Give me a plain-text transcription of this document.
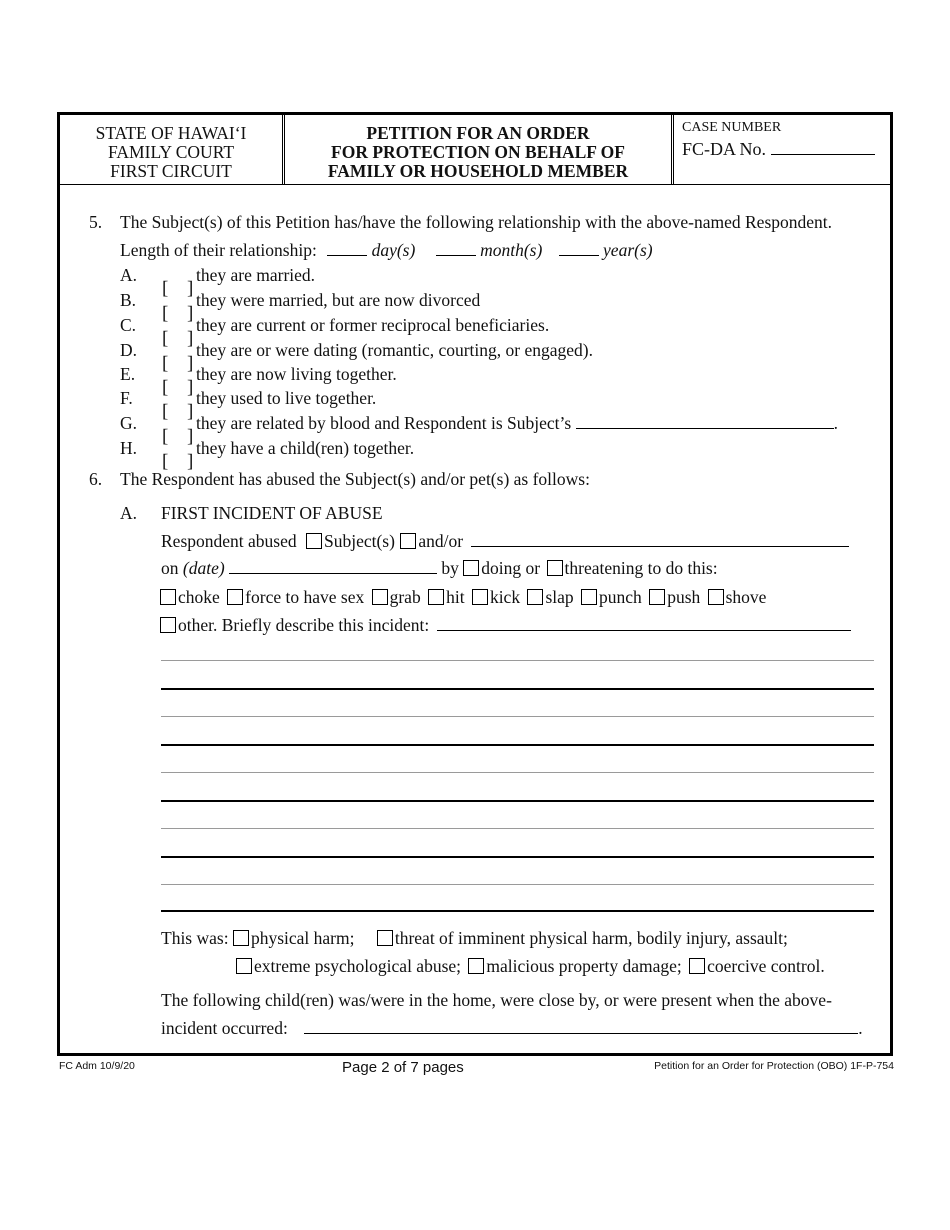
STATE OF HAWAI‘I
FAMILY COURT
FIRST CIRCUIT
PETITION FOR AN ORDER
FOR PROTECTION ON BEHALF OF
FAMILY OR HOUSEHOLD MEMBER
CASE NUMBER
FC-DA No.
5. The Subject(s) of this Petition has/have the following relationship with the above-named Respondent.
Length of their relationship:	day(s)	month(s)	year(s)
A.
[ ]
they are married.
B.
[ ]
they were married, but are now divorced
C.
[ ]
they are current or former reciprocal beneficiaries.
D.
[ ]
they are or were dating (romantic, courting, or engaged).
E.
[ ]
they are now living together.
F.
[ ]
they used to live together.
G.
[ ]
they are related by blood and Respondent is Subject’s	.
H.
[ ]
they have a child(ren) together.
6. The Respondent has abused the Subject(s) and/or pet(s) as follows:
A. FIRST INCIDENT OF ABUSE
Respondent abused Subject(s) and/or
on (date)	by doing or threatening to do this:
choke force to have sex grab hit kick slap punch push shove
other. Briefly describe this incident:
This was: physical harm; threat of imminent physical harm, bodily injury, assault;
extreme psychological abuse; malicious property damage; coercive control.
The following child(ren) was/were in the home, were close by, or were present when the above-
incident occurred:	.
FC Adm 10/9/20	Page 2 of 7 pages	Petition for an Order for Protection (OBO) 1F-P-754
